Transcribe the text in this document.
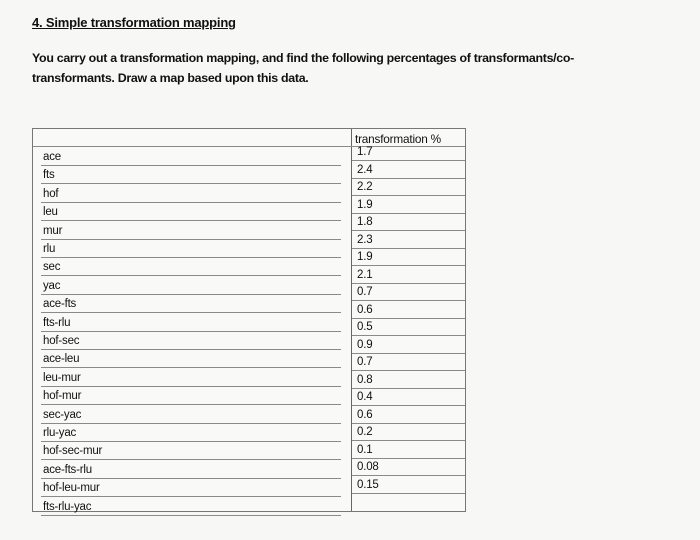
4. Simple transformation mapping
You carry out a transformation mapping, and find the following percentages of transformants/co-transformants. Draw a map based upon this data.
transformation %
ace	1.7
fts	2.4
hof
2.2
leu
1.9
mur
1.8
rlu
2.3
sec
1.9
yac
2.1
ace-fts
0.7
fts-rlu
0.6
hof-sec
0.5
ace-leu
0.9
leu-mur
0.7
hof-mur
0.8
sec-yac
0.4
rlu-yac
0.6
hof-sec-mur
0.2
ace-fts-rlu
0.1
hof-leu-mur
0.08
fts-rlu-yac
0.15
